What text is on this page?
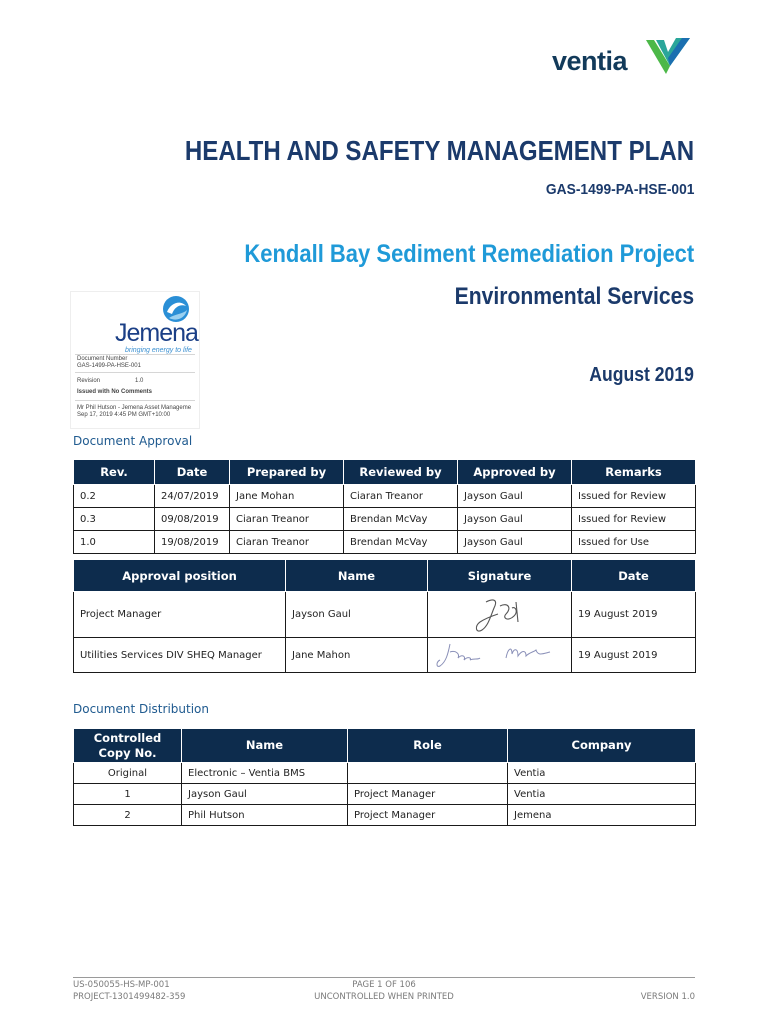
ventia
HEALTH AND SAFETY MANAGEMENT PLAN
GAS-1499-PA-HSE-001
Kendall Bay Sediment Remediation Project
Environmental Services
August 2019
Jemena
bringing energy to life
Document Number
GAS-1499-PA-HSE-001
Revision	1.0
Issued with No Comments
Mr Phil Hutson - Jemena Asset Manageme
Sep 17, 2019 4:45 PM GMT+10:00
Document Approval
Rev.	Date	Prepared by	Reviewed by	Approved by	Remarks
0.2	24/07/2019	Jane Mohan	Ciaran Treanor	Jayson Gaul	Issued for Review
0.3	09/08/2019	Ciaran Treanor	Brendan McVay	Jayson Gaul	Issued for Review
1.0	19/08/2019	Ciaran Treanor	Brendan McVay	Jayson Gaul	Issued for Use
Approval position	Name	Signature	Date
Project Manager	Jayson Gaul		19 August 2019
Utilities Services DIV SHEQ Manager	Jane Mahon		19 August 2019
Document Distribution
Controlled Copy No.	Name	Role	Company
Original	Electronic – Ventia BMS		Ventia
1	Jayson Gaul	Project Manager	Ventia
2	Phil Hutson	Project Manager	Jemena
US-050055-HS-MP-001
PROJECT-1301499482-359
PAGE 1 OF 106
UNCONTROLLED WHEN PRINTED	VERSION 1.0
